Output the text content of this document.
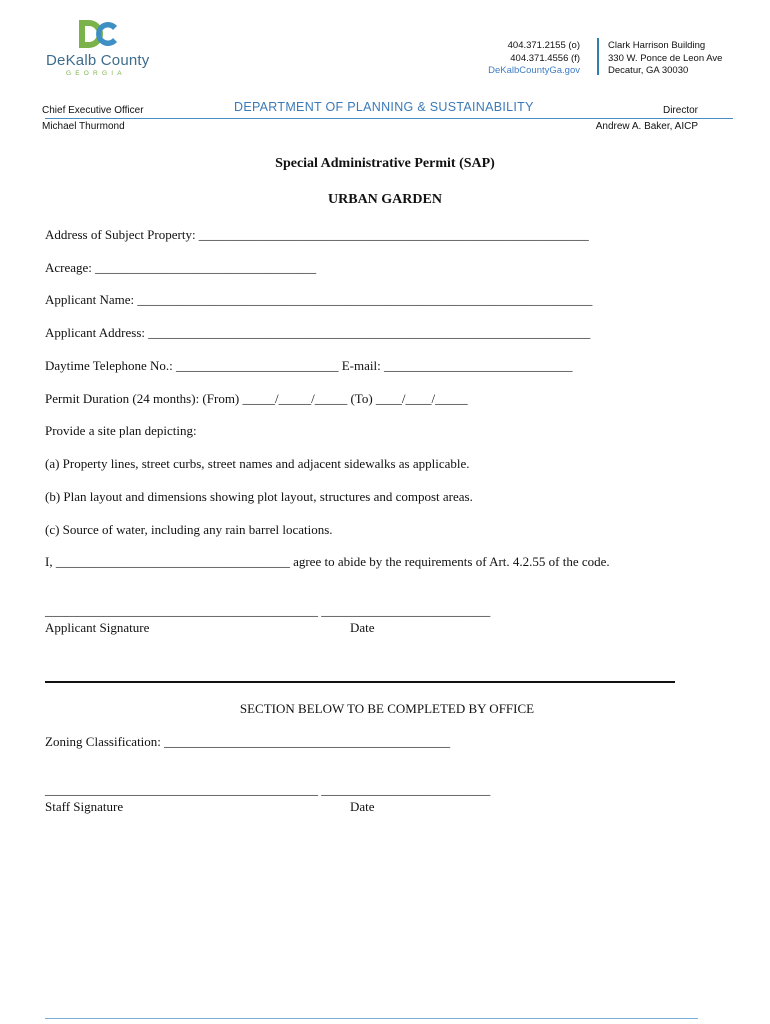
DeKalb County
GEORGIA
404.371.2155 (o)
404.371.4556 (f)
DeKalbCountyGa.gov
Clark Harrison Building
330 W. Ponce de Leon Ave
Decatur, GA 30030
Chief Executive Officer
Michael Thurmond
DEPARTMENT OF PLANNING & SUSTAINABILITY	Director
Andrew A. Baker, AICP
Special Administrative Permit (SAP)
URBAN GARDEN
Address of Subject Property: ____________________________________________________________
Acreage: __________________________________
Applicant Name: ______________________________________________________________________
Applicant Address: ____________________________________________________________________
Daytime Telephone No.: _________________________ E-mail: _____________________________
Permit Duration (24 months): (From) _____/_____/_____ (To) ____/____/_____
Provide a site plan depicting:
(a) Property lines, street curbs, street names and adjacent sidewalks as applicable.
(b) Plan layout and dimensions showing plot layout, structures and compost areas.
(c) Source of water, including any rain barrel locations.
I, ____________________________________ agree to abide by the requirements of Art. 4.2.55 of the code.
__________________________________________ __________________________
Applicant Signature	Date
SECTION BELOW TO BE COMPLETED BY OFFICE
Zoning Classification: ____________________________________________
__________________________________________ __________________________
Staff Signature	Date
